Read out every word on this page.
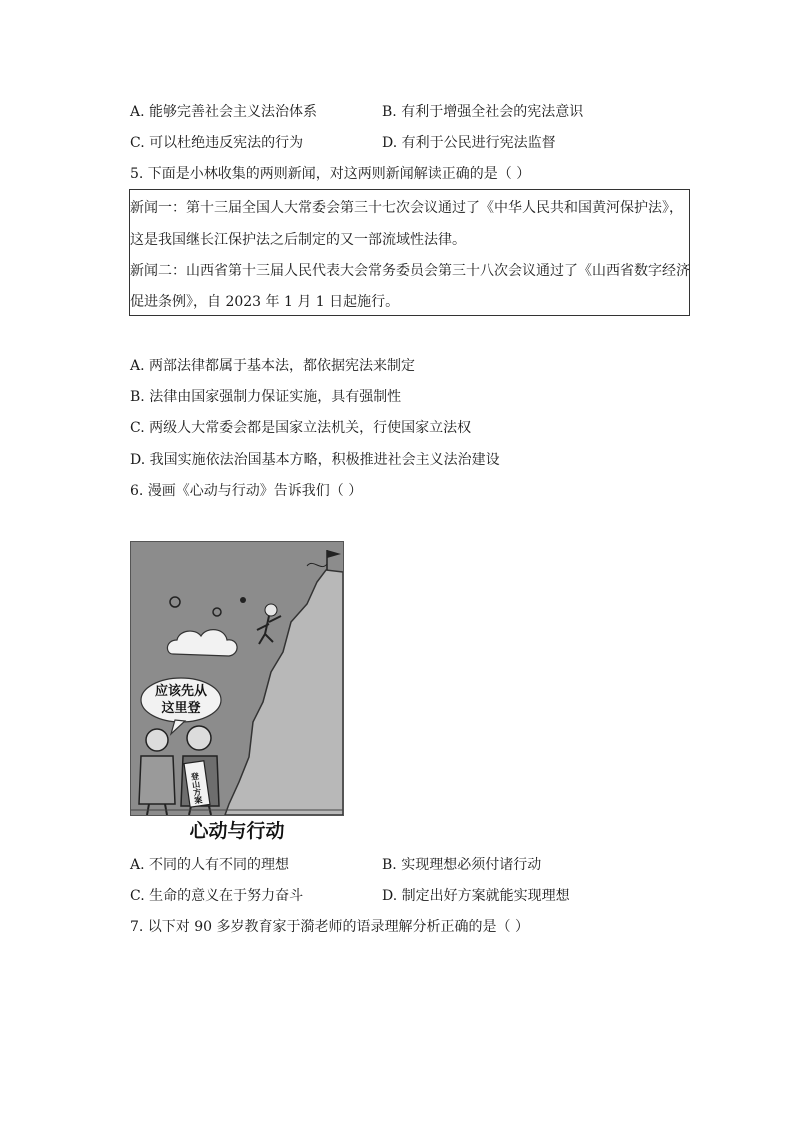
A. 能够完善社会主义法治体系	B. 有利于增强全社会的宪法意识
C. 可以杜绝违反宪法的行为	D. 有利于公民进行宪法监督
5. 下面是小林收集的两则新闻，对这两则新闻解读正确的是（ ）
新闻一：第十三届全国人大常委会第三十七次会议通过了《中华人民共和国黄河保护法》，
这是我国继长江保护法之后制定的又一部流域性法律。
新闻二：山西省第十三届人民代表大会常务委员会第三十八次会议通过了《山西省数字经济
促进条例》，自 2023 年 1 月 1 日起施行。
A. 两部法律都属于基本法，都依据宪法来制定
B. 法律由国家强制力保证实施，具有强制性
C. 两级人大常委会都是国家立法机关，行使国家立法权
D. 我国实施依法治国基本方略，积极推进社会主义法治建设
6. 漫画《心动与行动》告诉我们（ ）
应该先从
这里登
登山方案
心动与行动
A. 不同的人有不同的理想	B. 实现理想必须付诸行动
C. 生命的意义在于努力奋斗	D. 制定出好方案就能实现理想
7. 以下对 90 多岁教育家于漪老师的语录理解分析正确的是（ ）
